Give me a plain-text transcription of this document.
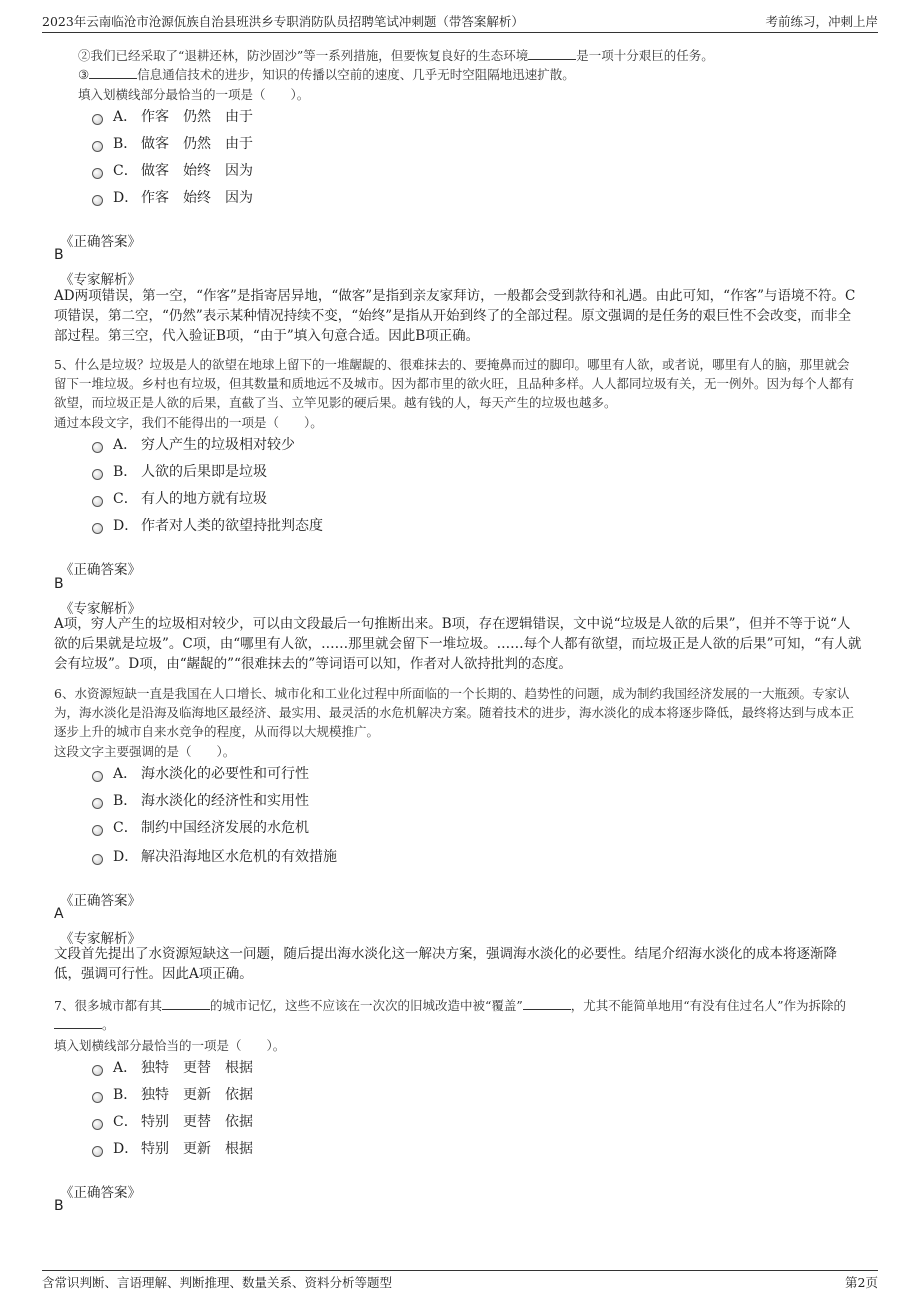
2023年云南临沧市沧源佤族自治县班洪乡专职消防队员招聘笔试冲刺题（带答案解析）	考前练习，冲刺上岸
②我们已经采取了“退耕还林，防沙固沙”等一系列措施，但要恢复良好的生态环境	是一项十分艰巨的任务。
③	信息通信技术的进步，知识的传播以空前的速度、几乎无时空阻隔地迅速扩散。
填入划横线部分最恰当的一项是（　　）。
A． 作客　仍然　由于
B． 做客　仍然　由于
C． 做客　始终　因为
D． 作客　始终　因为
《正确答案》
B
《专家解析》
AD两项错误，第一空，“作客”是指寄居异地，“做客”是指到亲友家拜访，一般都会受到款待和礼遇。由此可知，“作客”与语境不符。C项错误，第二空，“仍然”表示某种情况持续不变，“始终”是指从开始到终了的全部过程。原文强调的是任务的艰巨性不会改变，而非全部过程。第三空，代入验证B项，“由于”填入句意合适。因此B项正确。
5、什么是垃圾？垃圾是人的欲望在地球上留下的一堆龌龊的、很难抹去的、要掩鼻而过的脚印。哪里有人欲，或者说，哪里有人的脑，那里就会留下一堆垃圾。乡村也有垃圾，但其数量和质地远不及城市。因为都市里的欲火旺，且品种多样。人人都同垃圾有关，无一例外。因为每个人都有欲望，而垃圾正是人欲的后果，直截了当、立竿见影的硬后果。越有钱的人，每天产生的垃圾也越多。
通过本段文字，我们不能得出的一项是（　　）。
A． 穷人产生的垃圾相对较少
B． 人欲的后果即是垃圾
C． 有人的地方就有垃圾
D． 作者对人类的欲望持批判态度
《正确答案》
B
《专家解析》
A项，穷人产生的垃圾相对较少，可以由文段最后一句推断出来。B项，存在逻辑错误，文中说“垃圾是人欲的后果”，但并不等于说“人欲的后果就是垃圾”。C项，由“哪里有人欲，……那里就会留下一堆垃圾。……每个人都有欲望，而垃圾正是人欲的后果”可知，“有人就会有垃圾”。D项，由“龌龊的”“很难抹去的”等词语可以知，作者对人欲持批判的态度。
6、水资源短缺一直是我国在人口增长、城市化和工业化过程中所面临的一个长期的、趋势性的问题，成为制约我国经济发展的一大瓶颈。专家认为，海水淡化是沿海及临海地区最经济、最实用、最灵活的水危机解决方案。随着技术的进步，海水淡化的成本将逐步降低，最终将达到与成本正逐步上升的城市自来水竞争的程度，从而得以大规模推广。
这段文字主要强调的是（　　）。
A． 海水淡化的必要性和可行性
B． 海水淡化的经济性和实用性
C． 制约中国经济发展的水危机
D． 解决沿海地区水危机的有效措施
《正确答案》
A
《专家解析》
文段首先提出了水资源短缺这一问题，随后提出海水淡化这一解决方案，强调海水淡化的必要性。结尾介绍海水淡化的成本将逐渐降低，强调可行性。因此A项正确。
7、很多城市都有其	的城市记忆，这些不应该在一次次的旧城改造中被“覆盖”	，尤其不能简单地用“有没有住过名人”作为拆除的。
填入划横线部分最恰当的一项是（　　）。
A． 独特　更替　根据
B． 独特　更新　依据
C． 特别　更替　依据
D． 特别　更新　根据
《正确答案》
B
含常识判断、言语理解、判断推理、数量关系、资料分析等题型	第2页
